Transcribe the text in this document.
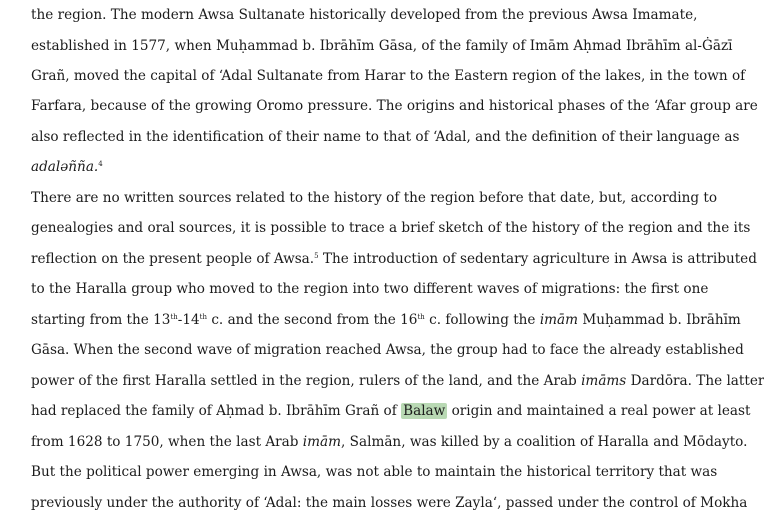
the region. The modern Awsa Sultanate historically developed from the previous Awsa Imamate,
established in 1577, when Muḥammad b. Ibrāhīm Gāsa, of the family of Imām Aḥmad Ibrāhīm al-Ġāzī
Grañ, moved the capital of ‘Adal Sultanate from Harar to the Eastern region of the lakes, in the town of
Farfara, because of the growing Oromo pressure. The origins and historical phases of the ‘Afar group are
also reflected in the identification of their name to that of ‘Adal, and the definition of their language as
adaləñña.$^4$
There are no written sources related to the history of the region before that date, but, according to
genealogies and oral sources, it is possible to trace a brief sketch of the history of the region and the its
reflection on the present people of Awsa.$^5$ The introduction of sedentary agriculture in Awsa is attributed
to the Haralla group who moved to the region into two different waves of migrations: the first one
starting from the 13th-14th c. and the second from the 16th c. following the imām Muḥammad b. Ibrāhīm
Gāsa. When the second wave of migration reached Awsa, the group had to face the already established
power of the first Haralla settled in the region, rulers of the land, and the Arab imāms Dardōra. The latter
had replaced the family of Aḥmad b. Ibrāhīm Grañ of Balaw origin and maintained a real power at least
from 1628 to 1750, when the last Arab imām, Salmān, was killed by a coalition of Haralla and Mōdayto.
But the political power emerging in Awsa, was not able to maintain the historical territory that was
previously under the authority of ‘Adal: the main losses were Zayla‘, passed under the control of Mokha
